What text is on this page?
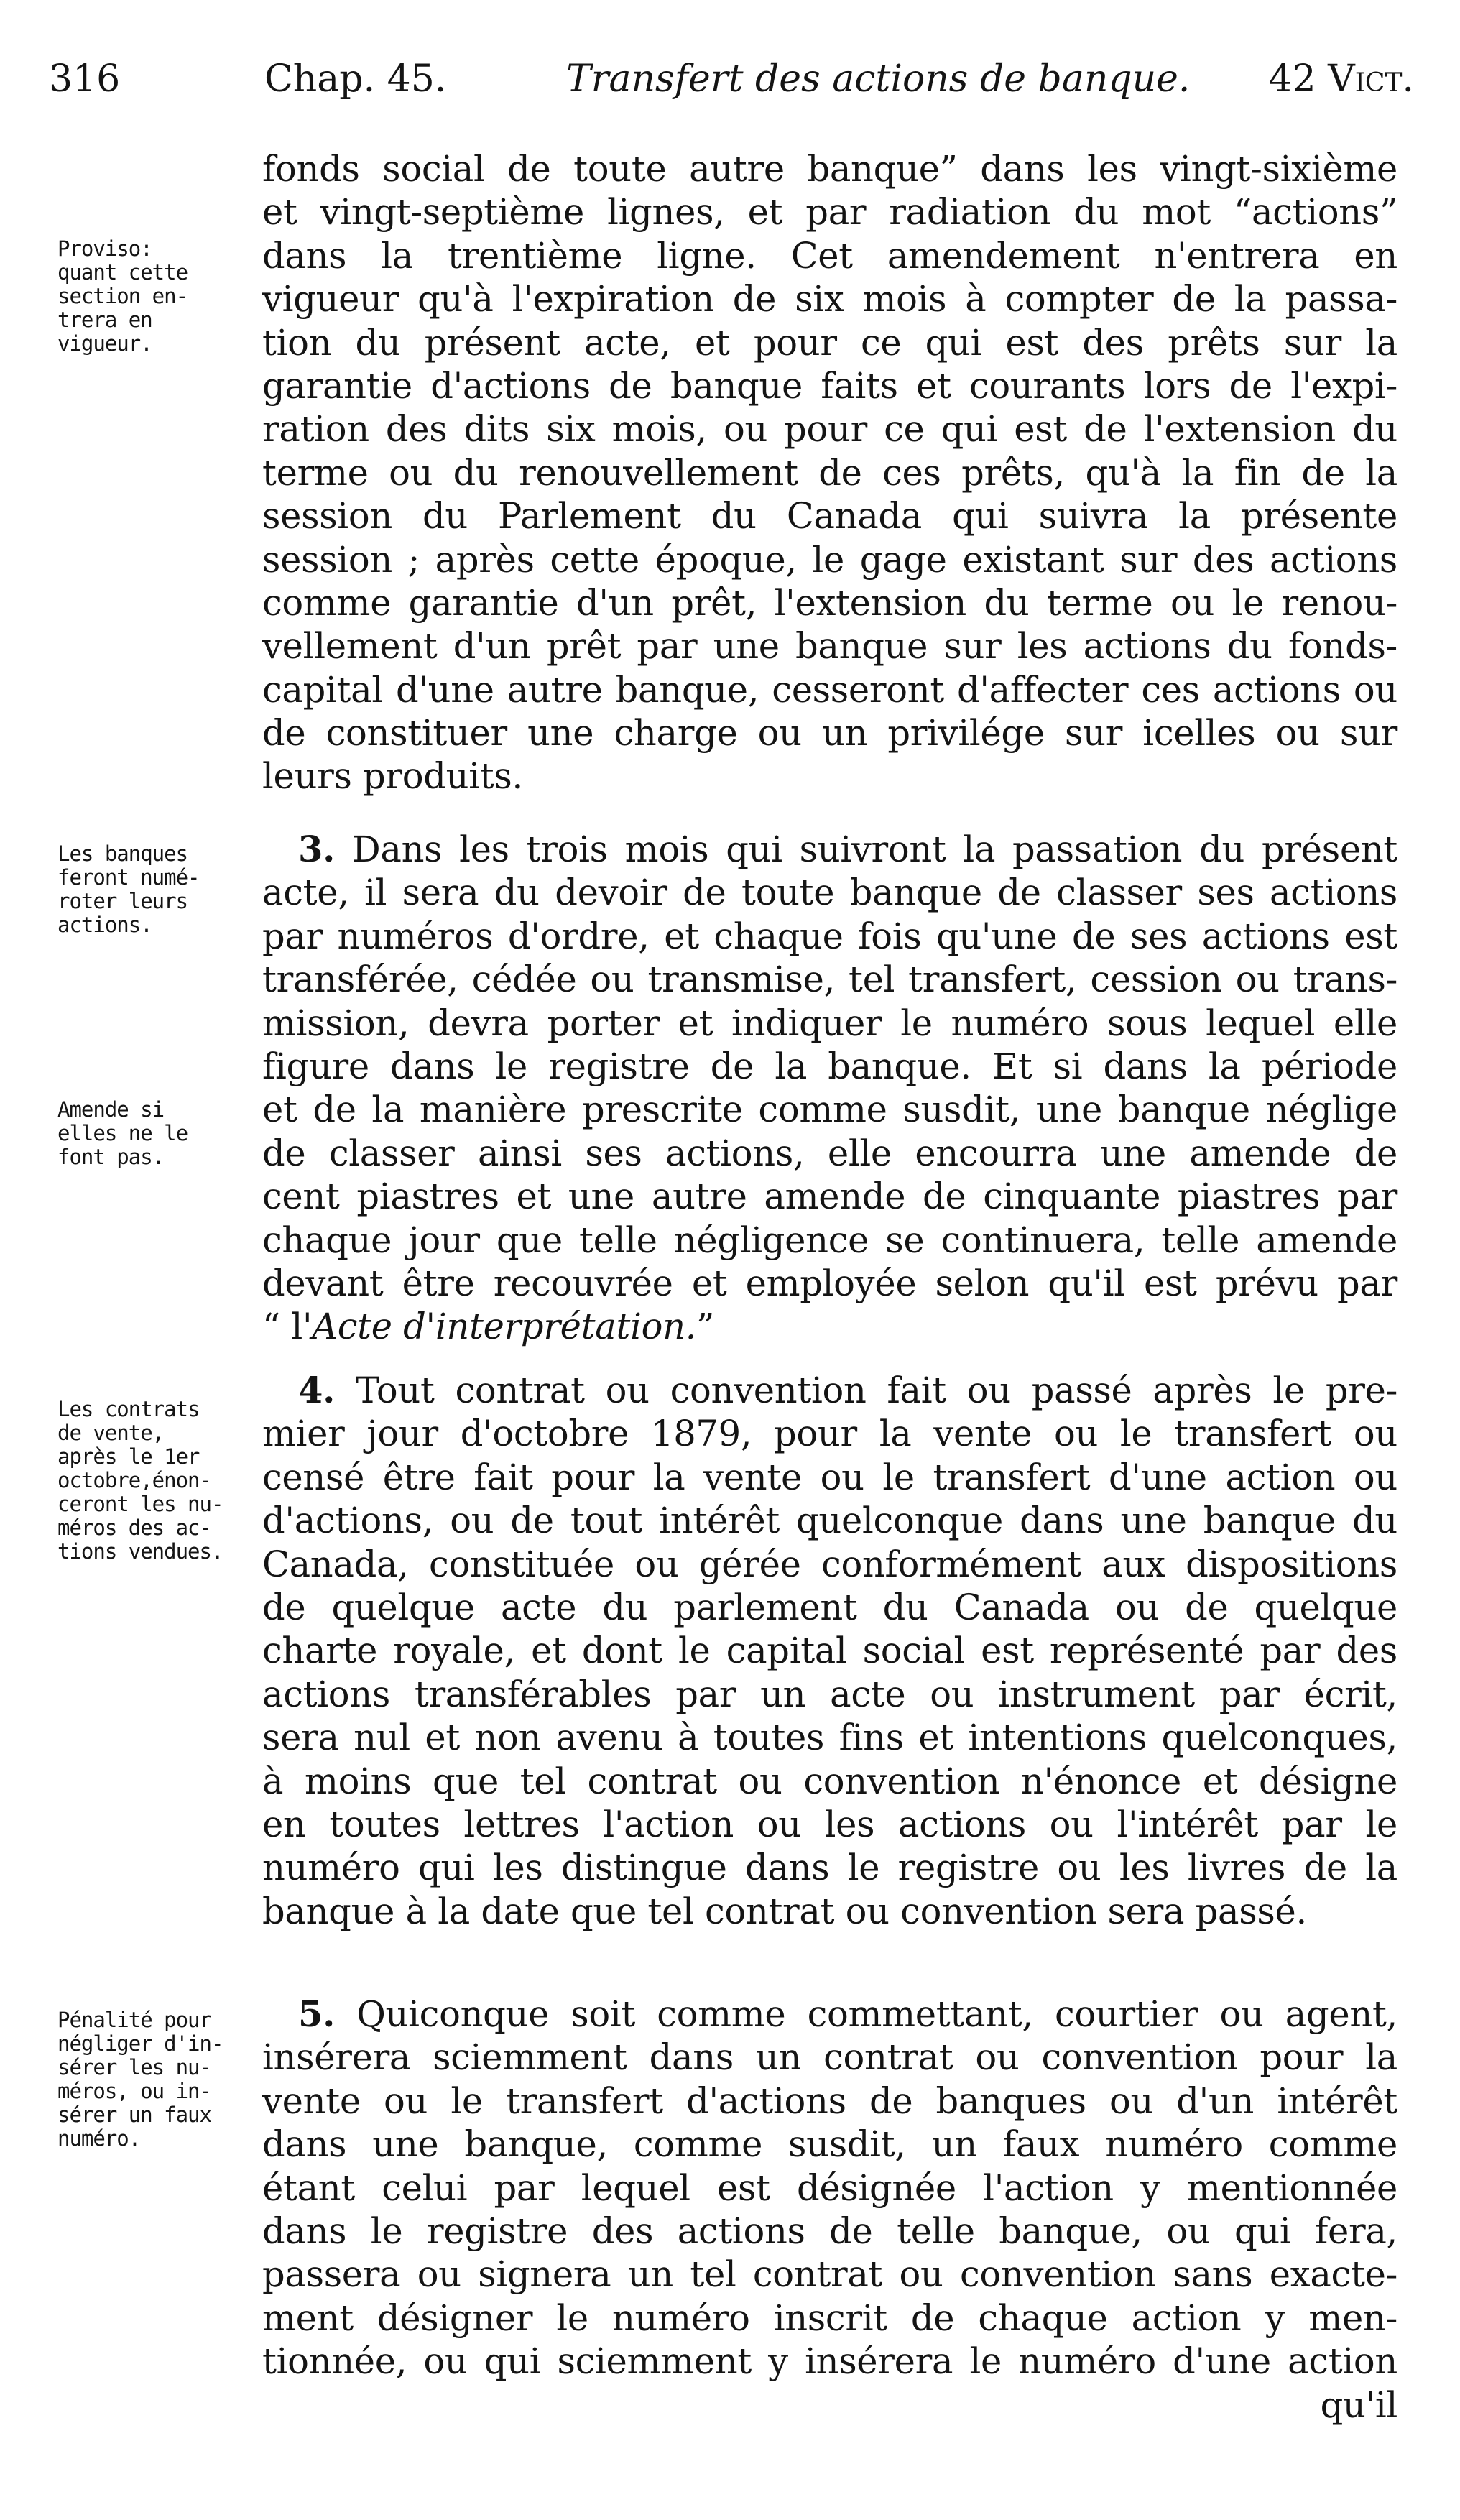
316	Chap. 45.	Transfert des actions de banque. 42 Vict.
Proviso:
quant cette
section en-
trera en
vigueur.
Les banques
feront numé-
roter leurs
actions.
Amende si
elles ne le
font pas.
Les contrats
de vente,
après le 1er
octobre,énon-
ceront les nu-
méros des ac-
tions vendues.
Pénalité pour
négliger d'in-
sérer les nu-
méros, ou in-
sérer un faux
numéro.
fonds social de toute autre banque” dans les vingt-sixième
et vingt-septième lignes, et par radiation du mot “actions”
dans la trentième ligne. Cet amendement n'entrera en
vigueur qu'à l'expiration de six mois à compter de la passa-
tion du présent acte, et pour ce qui est des prêts sur la
garantie d'actions de banque faits et courants lors de l'expi-
ration des dits six mois, ou pour ce qui est de l'extension du
terme ou du renouvellement de ces prêts, qu'à la fin de la
session du Parlement du Canada qui suivra la présente
session ; après cette époque, le gage existant sur des actions
comme garantie d'un prêt, l'extension du terme ou le renou-
vellement d'un prêt par une banque sur les actions du fonds-
capital d'une autre banque, cesseront d'affecter ces actions ou
de constituer une charge ou un privilége sur icelles ou sur
leurs produits.
3. Dans les trois mois qui suivront la passation du présent
acte, il sera du devoir de toute banque de classer ses actions
par numéros d'ordre, et chaque fois qu'une de ses actions est
transférée, cédée ou transmise, tel transfert, cession ou trans-
mission, devra porter et indiquer le numéro sous lequel elle
figure dans le registre de la banque. Et si dans la période
et de la manière prescrite comme susdit, une banque néglige
de classer ainsi ses actions, elle encourra une amende de
cent piastres et une autre amende de cinquante piastres par
chaque jour que telle négligence se continuera, telle amende
devant être recouvrée et employée selon qu'il est prévu par
“ l'Acte d'interprétation.”
4. Tout contrat ou convention fait ou passé après le pre-
mier jour d'octobre 1879, pour la vente ou le transfert ou
censé être fait pour la vente ou le transfert d'une action ou
d'actions, ou de tout intérêt quelconque dans une banque du
Canada, constituée ou gérée conformément aux dispositions
de quelque acte du parlement du Canada ou de quelque
charte royale, et dont le capital social est représenté par des
actions transférables par un acte ou instrument par écrit,
sera nul et non avenu à toutes fins et intentions quelconques,
à moins que tel contrat ou convention n'énonce et désigne
en toutes lettres l'action ou les actions ou l'intérêt par le
numéro qui les distingue dans le registre ou les livres de la
banque à la date que tel contrat ou convention sera passé.
5. Quiconque soit comme commettant, courtier ou agent,
insérera sciemment dans un contrat ou convention pour la
vente ou le transfert d'actions de banques ou d'un intérêt
dans une banque, comme susdit, un faux numéro comme
étant celui par lequel est désignée l'action y mentionnée
dans le registre des actions de telle banque, ou qui fera,
passera ou signera un tel contrat ou convention sans exacte-
ment désigner le numéro inscrit de chaque action y men-
tionnée, ou qui sciemment y insérera le numéro d'une action
qu'il
